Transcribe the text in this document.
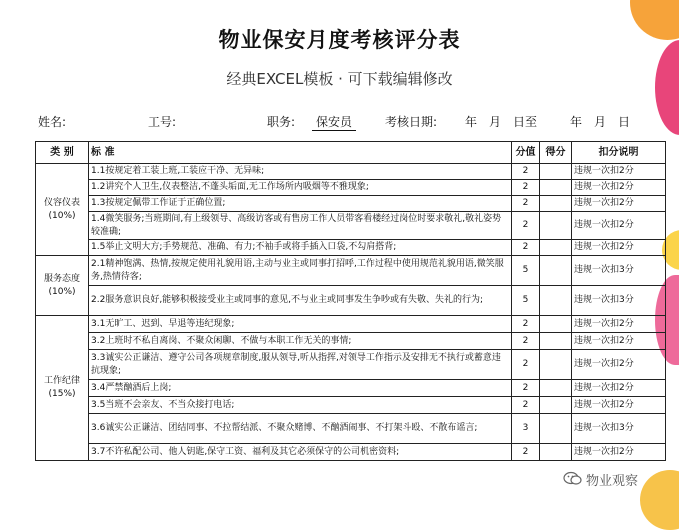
物业保安月度考核评分表
经典EXCEL模板 · 可下载编辑修改
姓名:	工号:	职务:	保安员	考核日期: 年　月　日至	年　月　日
类 别	标 准	分值	得分	扣分说明

仪容仪表
(10%)	1.1按规定着工装上班,工装应干净、无异味;	2		违规一次扣2分
	1.2讲究个人卫生,仪表整洁,不蓬头垢面,无工作场所内吸烟等不雅现象;	2		违规一次扣2分
	1.3按规定佩带工作证于正确位置;	2		违规一次扣2分
	1.4微笑服务;当班期间,有上级领导、高级访客或有售房工作人员带客看楼经过岗位时要求敬礼,敬礼姿势较准确;	2		违规一次扣2分
	1.5举止文明大方;手势规范、准确、有力;不袖手或将手插入口袋,不勾肩搭背;	2		违规一次扣2分

服务态度
(10%)	2.1精神饱满、热情,按规定使用礼貌用语,主动与业主或同事打招呼,工作过程中使用规范礼貌用语,微笑服务,热情待客;	5		违规一次扣3分
	2.2服务意识良好,能够积极接受业主或同事的意见,不与业主或同事发生争吵或有失敬、失礼的行为;	5		违规一次扣3分

工作纪律
(15%)	3.1无旷工、迟到、早退等违纪现象;	2		违规一次扣2分
	3.2上班时不私自离岗、不聚众闲聊、不做与本职工作无关的事情;	2		违规一次扣2分
	3.3诚实公正谦洁、遵守公司各项规章制度,服从领导,听从指挥,对领导工作指示及安排无不执行或蓄意违抗现象;	2		违规一次扣2分
	3.4严禁酗酒后上岗;	2		违规一次扣2分
	3.5当班不会亲友、不当众接打电话;	2		违规一次扣2分
	3.6诚实公正谦洁、团结同事、不拉帮结派、不聚众赌博、不酗酒闹事、不打架斗殴、不散布谣言;	3		违规一次扣3分
	3.7不许私配公司、他人钥匙,保守工资、福利及其它必须保守的公司机密资料;	2		违规一次扣2分
物业观察
